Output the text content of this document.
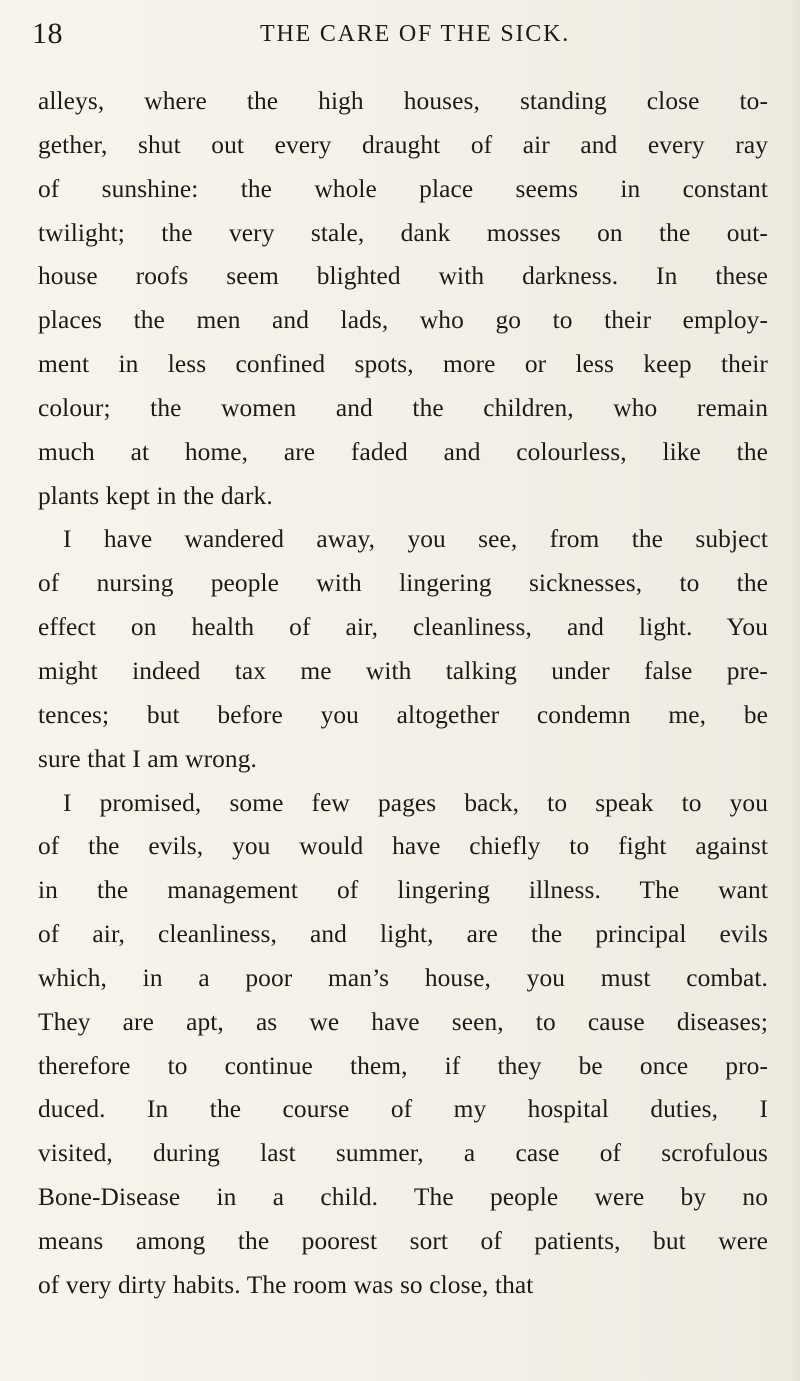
18	THE CARE OF THE SICK.
alleys, where the high houses, standing close to-
gether, shut out every draught of air and every ray
of sunshine: the whole place seems in constant
twilight; the very stale, dank mosses on the out-
house roofs seem blighted with darkness. In these
places the men and lads, who go to their employ-
ment in less confined spots, more or less keep their
colour; the women and the children, who remain
much at home, are faded and colourless, like the
plants kept in the dark.
I have wandered away, you see, from the subject
of nursing people with lingering sicknesses, to the
effect on health of air, cleanliness, and light. You
might indeed tax me with talking under false pre-
tences; but before you altogether condemn me, be
sure that I am wrong.
I promised, some few pages back, to speak to you
of the evils, you would have chiefly to fight against
in the management of lingering illness. The want
of air, cleanliness, and light, are the principal evils
which, in a poor man’s house, you must combat.
They are apt, as we have seen, to cause diseases;
therefore to continue them, if they be once pro-
duced. In the course of my hospital duties, I
visited, during last summer, a case of scrofulous
Bone-Disease in a child. The people were by no
means among the poorest sort of patients, but were
of very dirty habits. The room was so close, that
